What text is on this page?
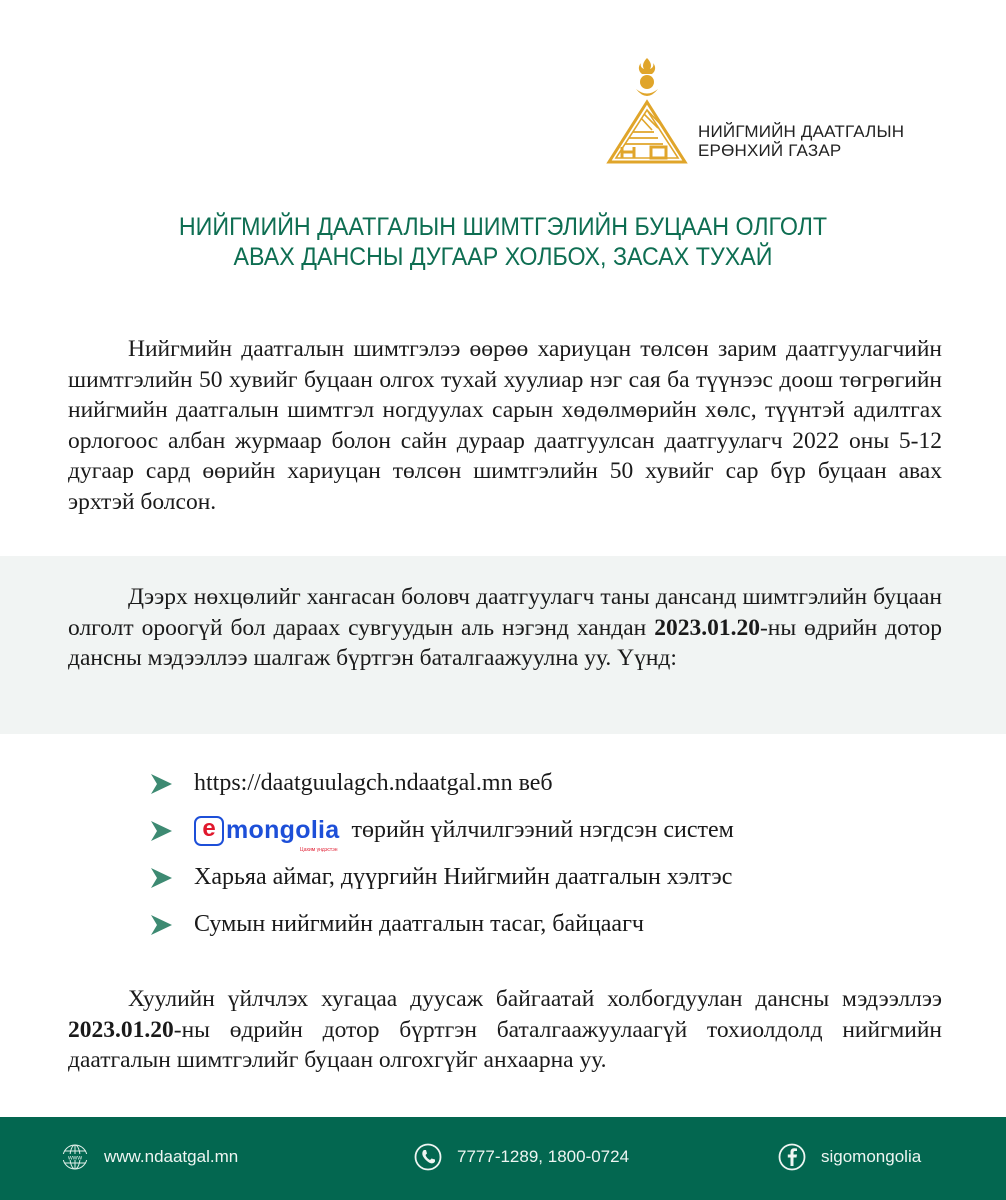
НИЙГМИЙН ДААТГАЛЫН
ЕРӨНХИЙ ГАЗАР
НИЙГМИЙН ДААТГАЛЫН ШИМТГЭЛИЙН БУЦААН ОЛГОЛТ
АВАХ ДАНСНЫ ДУГААР ХОЛБОХ, ЗАСАХ ТУХАЙ
Нийгмийн даатгалын шимтгэлээ өөрөө хариуцан төлсөн зарим даатгуулагчийн шимтгэлийн 50 хувийг буцаан олгох тухай хуулиар нэг сая ба түүнээс доош төгрөгийн нийгмийн даатгалын шимтгэл ногдуулах сарын хөдөлмөрийн хөлс, түүнтэй адилтгах орлогоос албан журмаар болон сайн дураар даатгуулсан даатгуулагч 2022 оны 5-12 дугаар сард өөрийн хариуцан төлсөн шимтгэлийн 50 хувийг сар бүр буцаан авах эрхтэй болсон.
Дээрх нөхцөлийг хангасан боловч даатгуулагч таны дансанд шимтгэлийн буцаан олголт ороогүй бол дараах сувгуудын аль нэгэнд хандан 2023.01.20-ны өдрийн дотор дансны мэдээллээ шалгаж бүртгэн баталгаажуулна уу. Үүнд:
https://daatguulagch.ndaatgal.mn веб
e mongolia
Цахим үндэстэн
төрийн үйлчилгээний нэгдсэн систем
Харьяа аймаг, дүүргийн Нийгмийн даатгалын хэлтэс
Сумын нийгмийн даатгалын тасаг, байцаагч
Хуулийн үйлчлэх хугацаа дуусаж байгаатай холбогдуулан дансны мэдээллээ 2023.01.20-ны өдрийн дотор бүртгэн баталгаажуулаагүй тохиолдолд нийгмийн даатгалын шимтгэлийг буцаан олгохгүйг анхаарна уу.
www www.ndaatgal.mn	7777-1289, 1800-0724	sigomongolia
